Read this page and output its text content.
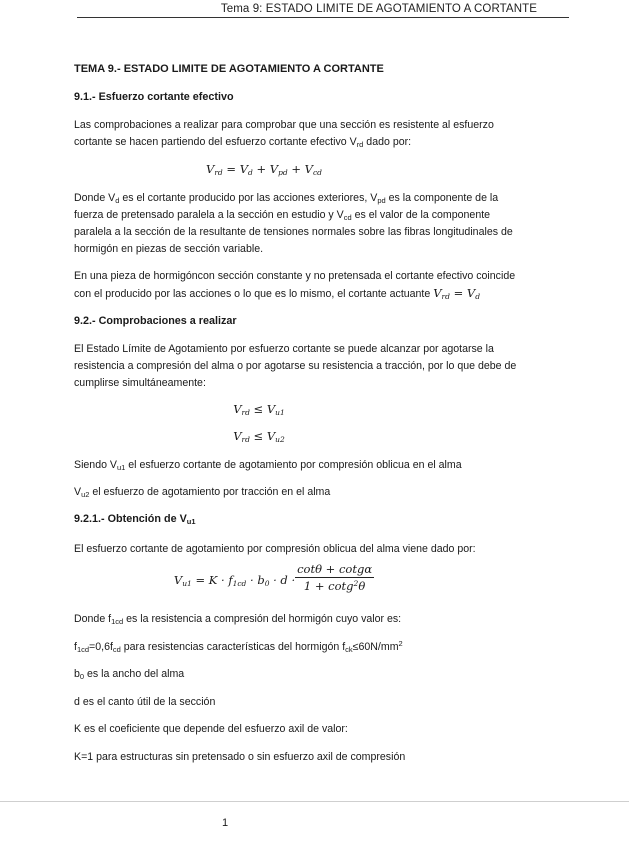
Tema 9: ESTADO LIMITE DE AGOTAMIENTO A CORTANTE

TEMA 9.- ESTADO LIMITE DE AGOTAMIENTO A CORTANTE

9.1.- Esfuerzo cortante efectivo

Las comprobaciones a realizar para comprobar que una sección es resistente al esfuerzo

cortante se hacen partiendo del esfuerzo cortante efectivo $V_{rd}$ dado por:

$V_{rd} = V_d + V_{pd} + V_{cd}$

Donde $V_d$ es el cortante producido por las acciones exteriores, $V_{pd}$ es la componente de la

fuerza de pretensado paralela a la sección en estudio y $V_{cd}$ es el valor de la componente

paralela a la sección de la resultante de tensiones normales sobre las fibras longitudinales de

hormigón en piezas de sección variable.

En una pieza de hormigóncon sección constante y no pretensada el cortante efectivo coincide

con el producido por las acciones o lo que es lo mismo, el cortante actuante $V_{rd} = V_d$

9.2.- Comprobaciones a realizar

El Estado Límite de Agotamiento por esfuerzo cortante se puede alcanzar por agotarse la

resistencia a compresión del alma o por agotarse su resistencia a tracción, por lo que debe de

cumplirse simultáneamente:

$V_{rd} \le V_{u1}$
$V_{rd} \le V_{u2}$

Siendo $V_{u1}$ el esfuerzo cortante de agotamiento por compresión oblicua en el alma

$V_{u2}$ el esfuerzo de agotamiento por tracción en el alma

9.2.1.- Obtención de $V_{u1}$

El esfuerzo cortante de agotamiento por compresión oblicua del alma viene dado por:

$V_{u1} = K \cdot f_{1cd} \cdot b_0 \cdot d \cdot \frac{\cot\theta + \cot g\alpha}{1 + \cot g^2\theta}$

Donde $f_{1cd}$ es la resistencia a compresión del hormigón cuyo valor es:

$f_{1cd}=0,6f_{cd}$ para resistencias características del hormigón $f_{ck}\le 60N/mm^2$

$b_0$ es la ancho del alma

d es el canto útil de la sección

K es el coeficiente que depende del esfuerzo axil de valor:

K=1 para estructuras sin pretensado o sin esfuerzo axil de compresión

1
